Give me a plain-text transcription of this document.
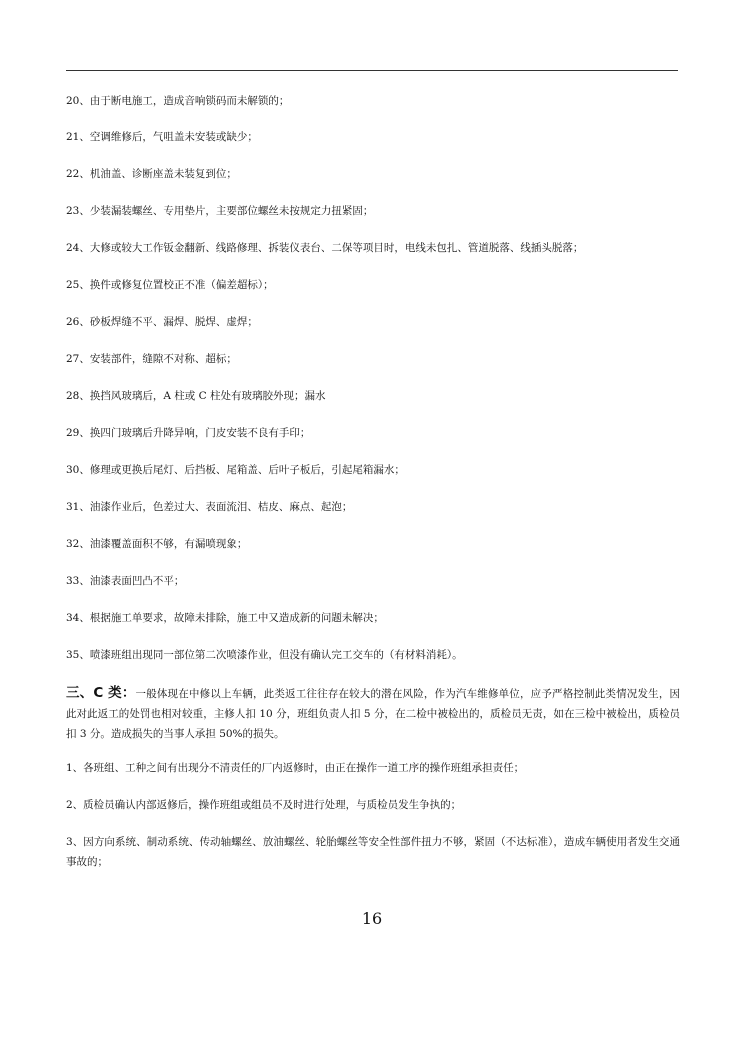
20、由于断电施工，造成音响锁码而未解锁的；
21、空调维修后，气咀盖未安装或缺少；
22、机油盖、诊断座盖未装复到位；
23、少装漏装螺丝、专用垫片，主要部位螺丝未按规定力扭紧固；
24、大修或较大工作钣金翻新、线路修理、拆装仪表台、二保等项目时，电线未包扎、管道脱落、线插头脱落；
25、换件或修复位置校正不准（偏差超标）；
26、砂板焊缝不平、漏焊、脱焊、虚焊；
27、安装部件，缝隙不对称、超标；
28、换挡风玻璃后，A 柱或 C 柱处有玻璃胶外现；漏水
29、换四门玻璃后升降异响，门皮安装不良有手印；
30、修理或更换后尾灯、后挡板、尾箱盖、后叶子板后，引起尾箱漏水；
31、油漆作业后，色差过大、表面流泪、桔皮、麻点、起泡；
32、油漆覆盖面积不够，有漏喷现象；
33、油漆表面凹凸不平；
34、根据施工单要求，故障未排除，施工中又造成新的问题未解决；
35、喷漆班组出现同一部位第二次喷漆作业，但没有确认完工交车的（有材料消耗）。
三、C 类：一般体现在中修以上车辆，此类返工往往存在较大的潜在风险，作为汽车维修单位，应予严格控制此类情况发生，因此对此返工的处罚也相对较重，主修人扣 10 分，班组负责人扣 5 分，在二检中被检出的，质检员无责，如在三检中被检出，质检员扣 3 分。造成损失的当事人承担 50%的损失。
1、各班组、工种之间有出现分不清责任的厂内返修时，由正在操作一道工序的操作班组承担责任；
2、质检员确认内部返修后，操作班组或组员不及时进行处理，与质检员发生争执的；
3、因方向系统、制动系统、传动轴螺丝、放油螺丝、轮胎螺丝等安全性部件扭力不够，紧固（不达标准），造成车辆使用者发生交通事故的；
16
